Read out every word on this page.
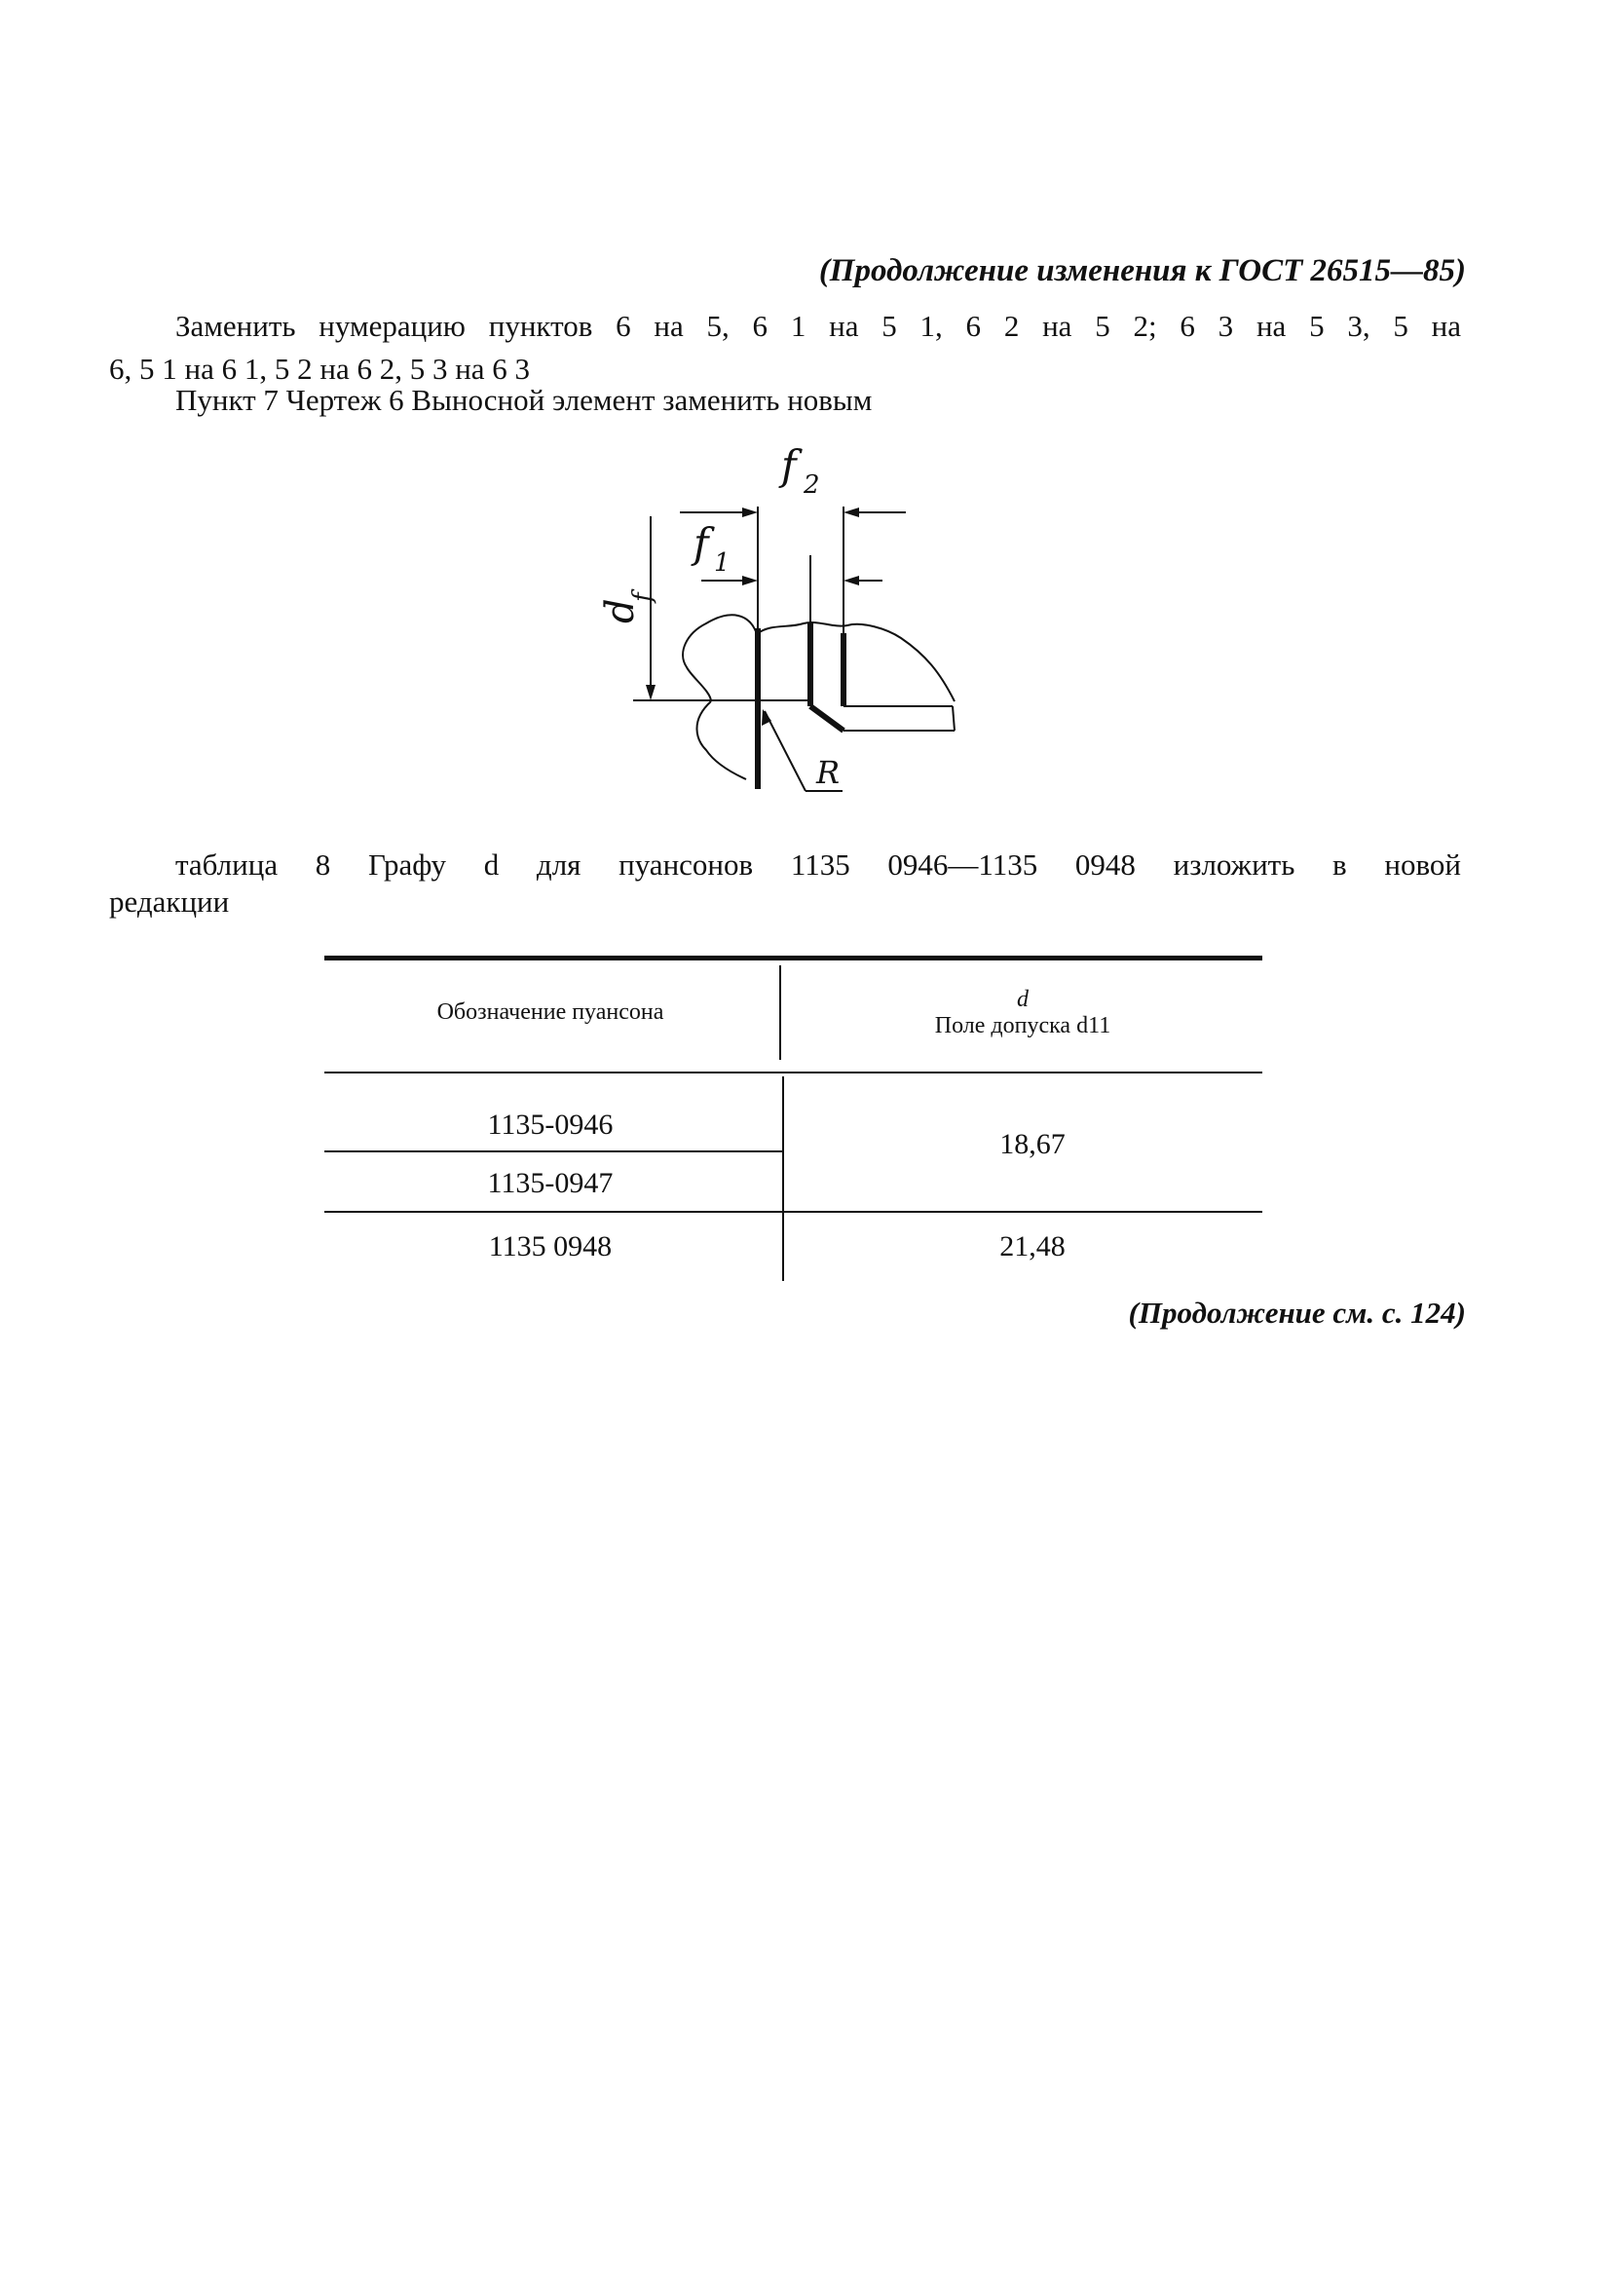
(Продолжение изменения к ГОСТ 26515—85)
Заменить нумерацию пунктов 6 на 5, 6 1 на 5 1, 6 2 на 5 2; 6 3 на 5 3, 5 на
6, 5 1 на 6 1, 5 2 на 6 2, 5 3 на 6 3
Пункт 7 Чертеж 6 Выносной элемент заменить новым
f 2
f 1
d
f
R
таблица 8 Графу d для пуансонов 1135 0946—1135 0948 изложить в новой
редакции
Обозначение пуансона	d
Поле допуска d11
1135-0946
1135-0947
1135 0948
18,67
21,48
(Продолжение см. с. 124)
